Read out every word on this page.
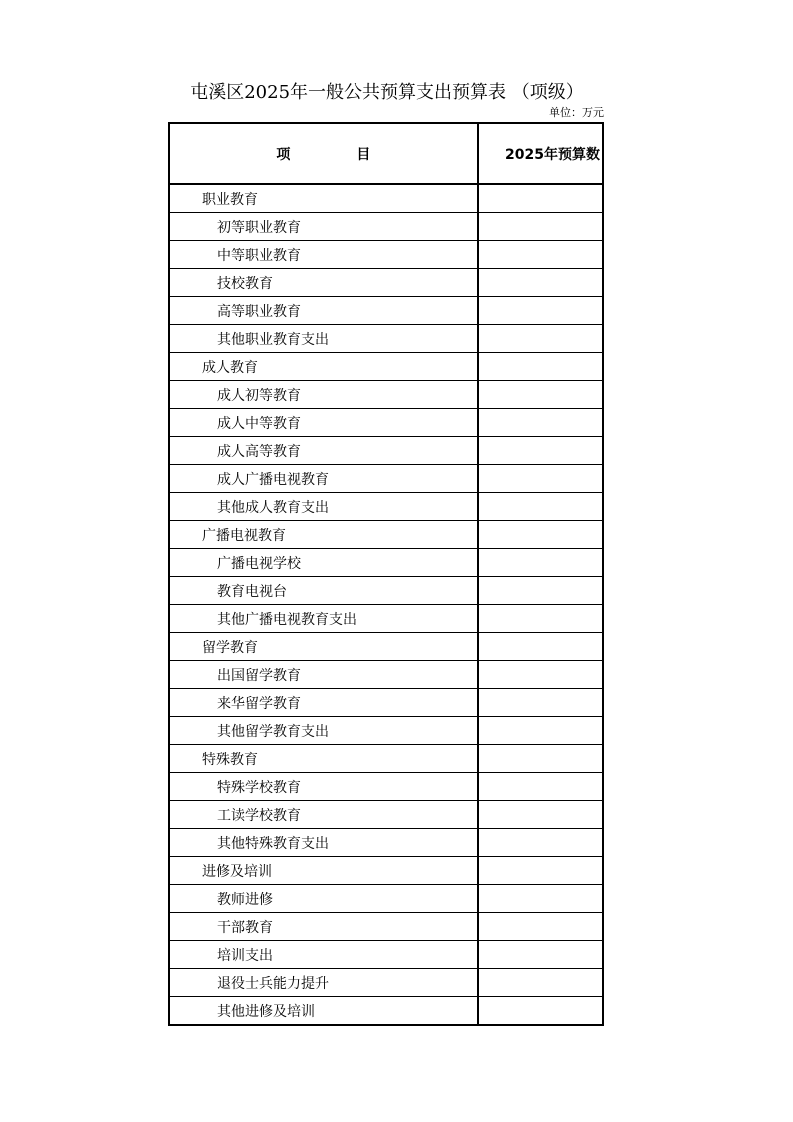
屯溪区2025年一般公共预算支出预算表 （项级）
单位：万元
项 目	2025年预算数
职业教育	
初等职业教育	
中等职业教育	
技校教育	
高等职业教育	
其他职业教育支出	
成人教育	
成人初等教育	
成人中等教育	
成人高等教育	
成人广播电视教育	
其他成人教育支出	
广播电视教育	
广播电视学校	
教育电视台	
其他广播电视教育支出	
留学教育	
出国留学教育	
来华留学教育	
其他留学教育支出	
特殊教育	
特殊学校教育	
工读学校教育	
其他特殊教育支出	
进修及培训	
教师进修	
干部教育	
培训支出	
退役士兵能力提升	
其他进修及培训	
